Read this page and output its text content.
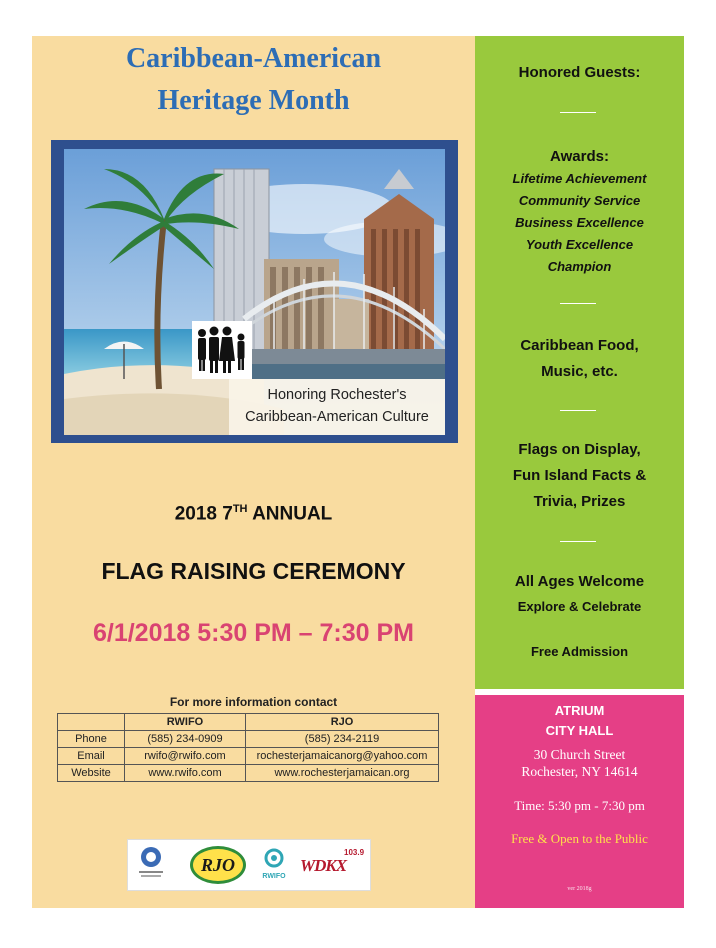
Caribbean-American
Heritage Month
Honoring Rochester's
Caribbean-American Culture
2018 7TH ANNUAL
FLAG RAISING CEREMONY
6/1/2018 5:30 PM – 7:30 PM
For more information contact
	RWIFO	RJO
Phone	(585) 234-0909	(585) 234-2119
Email	rwifo@rwifo.com	rochesterjamaicanorg@yahoo.com
Website	www.rwifo.com	www.rochesterjamaican.org
RJO
RWIFO
WDKX
103.9
Honored Guests:
Awards:
Lifetime Achievement
Community Service
Business Excellence
Youth Excellence
Champion
Caribbean Food,
Music, etc.
Flags on Display,
Fun Island Facts &
Trivia, Prizes
All Ages Welcome
Explore & Celebrate
Free Admission
ATRIUM
CITY HALL
30 Church Street
Rochester, NY 14614
Time: 5:30 pm - 7:30 pm
Free & Open to the Public
ver 2018g
